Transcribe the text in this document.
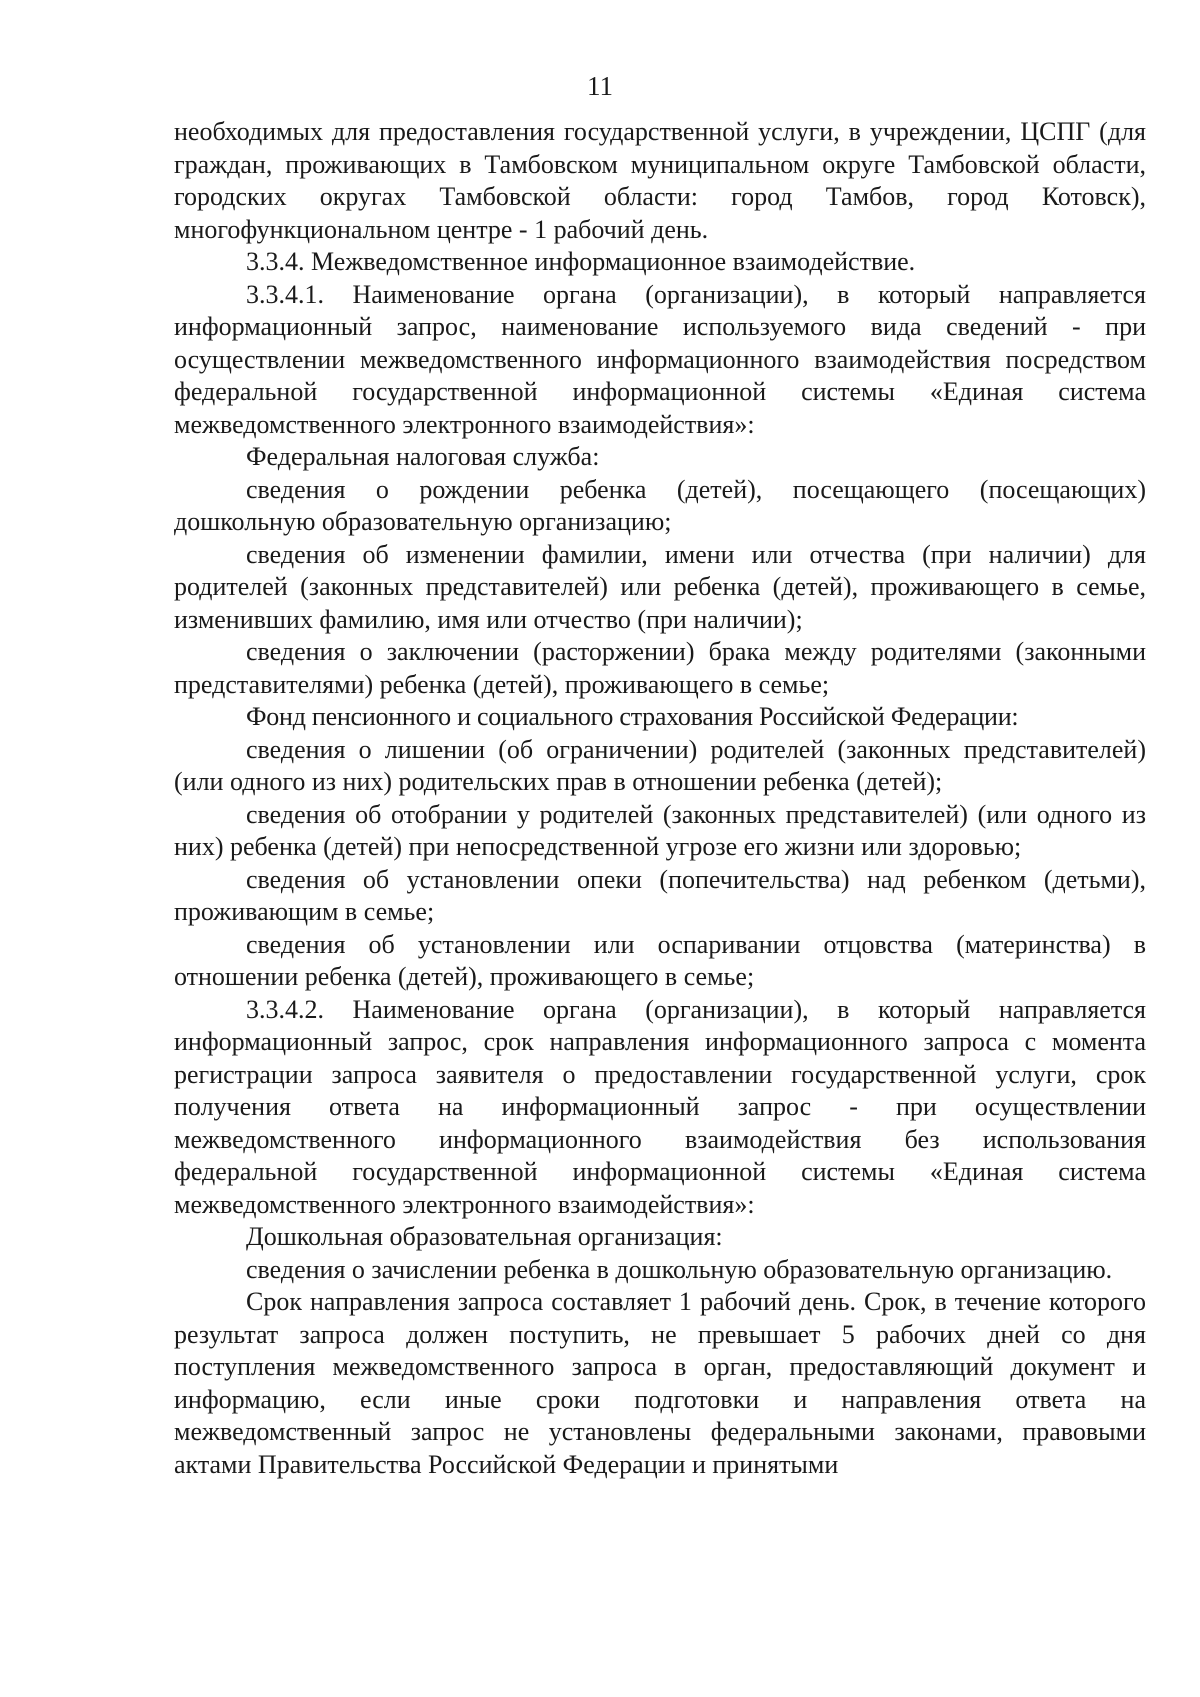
11

необходимых для предоставления государственной услуги, в учреждении, ЦСПГ (для граждан, проживающих в Тамбовском муниципальном округе Тамбовской области, городских округах Тамбовской области: город Тамбов, город Котовск), многофункциональном центре - 1 рабочий день.

3.3.4. Межведомственное информационное взаимодействие.

3.3.4.1. Наименование органа (организации), в который направляется информационный запрос, наименование используемого вида сведений - при осуществлении межведомственного информационного взаимодействия посредством федеральной государственной информационной системы «Единая система межведомственного электронного взаимодействия»:

Федеральная налоговая служба:

сведения о рождении ребенка (детей), посещающего (посещающих) дошкольную образовательную организацию;

сведения об изменении фамилии, имени или отчества (при наличии) для родителей (законных представителей) или ребенка (детей), проживающего в семье, изменивших фамилию, имя или отчество (при наличии);

сведения о заключении (расторжении) брака между родителями (законными представителями) ребенка (детей), проживающего в семье;

Фонд пенсионного и социального страхования Российской Федерации:

сведения о лишении (об ограничении) родителей (законных представителей) (или одного из них) родительских прав в отношении ребенка (детей);

сведения об отобрании у родителей (законных представителей) (или одного из них) ребенка (детей) при непосредственной угрозе его жизни или здоровью;

сведения об установлении опеки (попечительства) над ребенком (детьми), проживающим в семье;

сведения об установлении или оспаривании отцовства (материнства) в отношении ребенка (детей), проживающего в семье;

3.3.4.2. Наименование органа (организации), в который направляется информационный запрос, срок направления информационного запроса с момента регистрации запроса заявителя о предоставлении государственной услуги, срок получения ответа на информационный запрос - при осуществлении межведомственного информационного взаимодействия без использования федеральной государственной информационной системы «Единая система межведомственного электронного взаимодействия»:

Дошкольная образовательная организация:

сведения о зачислении ребенка в дошкольную образовательную организацию.

Срок направления запроса составляет 1 рабочий день. Срок, в течение которого результат запроса должен поступить, не превышает 5 рабочих дней со дня поступления межведомственного запроса в орган, предоставляющий документ и информацию, если иные сроки подготовки и направления ответа на межведомственный запрос не установлены федеральными законами, правовыми актами Правительства Российской Федерации и принятыми
